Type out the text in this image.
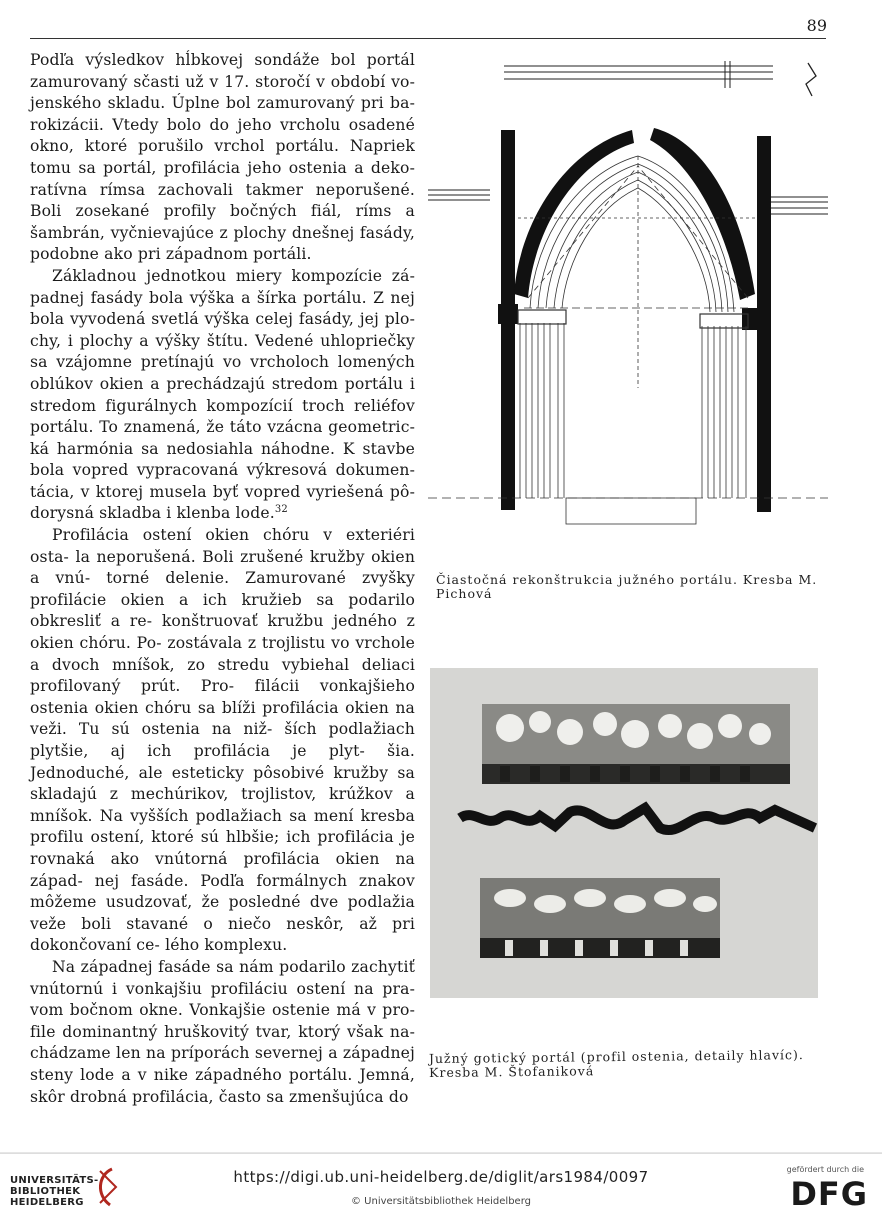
89

Podľa výsledkov hĺbkovej sondáže bol portál zamurovaný sčasti už v 17. storočí v období vo- jenského skladu. Úplne bol zamurovaný pri ba- rokizácii. Vtedy bolo do jeho vrcholu osadené okno, ktoré porušilo vrchol portálu. Napriek tomu sa portál, profilácia jeho ostenia a deko- ratívna rímsa zachovali takmer neporušené. Boli zosekané profily bočných fiál, ríms a šambrán, vyčnievajúce z plochy dnešnej fasády, podobne ako pri západnom portáli.

Základnou jednotkou miery kompozície zá- padnej fasády bola výška a šírka portálu. Z nej bola vyvodená svetlá výška celej fasády, jej plo- chy, i plochy a výšky štítu. Vedené uhlopriečky sa vzájomne pretínajú vo vrcholoch lomených oblúkov okien a prechádzajú stredom portálu i stredom figurálnych kompozícií troch reliéfov portálu. To znamená, že táto vzácna geometric- ká harmónia sa nedosiahla náhodne. K stavbe bola vopred vypracovaná výkresová dokumen- tácia, v ktorej musela byť vopred vyriešená pô- dorysná skladba i klenba lode.$^{32}$

Profilácia ostení okien chóru v exteriéri osta- la neporušená. Boli zrušené kružby okien a vnú- torné delenie. Zamurované zvyšky profilácie okien a ich kružieb sa podarilo obkresliť a re- konštruovať kružbu jedného z okien chóru. Po- zostávala z trojlistu vo vrchole a dvoch mníšok, zo stredu vybiehal deliaci profilovaný prút. Pro- filácii vonkajšieho ostenia okien chóru sa blíži profilácia okien na veži. Tu sú ostenia na niž- ších podlažiach plytšie, aj ich profilácia je plyt- šia. Jednoduché, ale esteticky pôsobivé kružby sa skladajú z mechúrikov, trojlistov, krúžkov a mníšok. Na vyšších podlažiach sa mení kresba profilu ostení, ktoré sú hlbšie; ich profilácia je rovnaká ako vnútorná profilácia okien na západ- nej fasáde. Podľa formálnych znakov môžeme usudzovať, že posledné dve podlažia veže boli stavané o niečo neskôr, až pri dokončovaní ce- lého komplexu.

Na západnej fasáde sa nám podarilo zachytiť vnútornú i vonkajšiu profiláciu ostení na pra- vom bočnom okne. Vonkajšie ostenie má v pro- file dominantný hruškovitý tvar, ktorý však na- chádzame len na príporách severnej a západnej steny lode a v nike západného portálu. Jemná, skôr drobná profilácia, často sa zmenšujúca do

Čiastočná rekonštrukcia južného portálu. Kresba M. Pichová
Južný gotický portál (profil ostenia, detaily hlavíc). Kresba M. Štofaniková
UNIVERSITÄTS-
BIBLIOTHEK
HEIDELBERG
https://digi.ub.uni-heidelberg.de/diglit/ars1984/0097
© Universitätsbibliothek Heidelberg
gefördert durch die
DFG
